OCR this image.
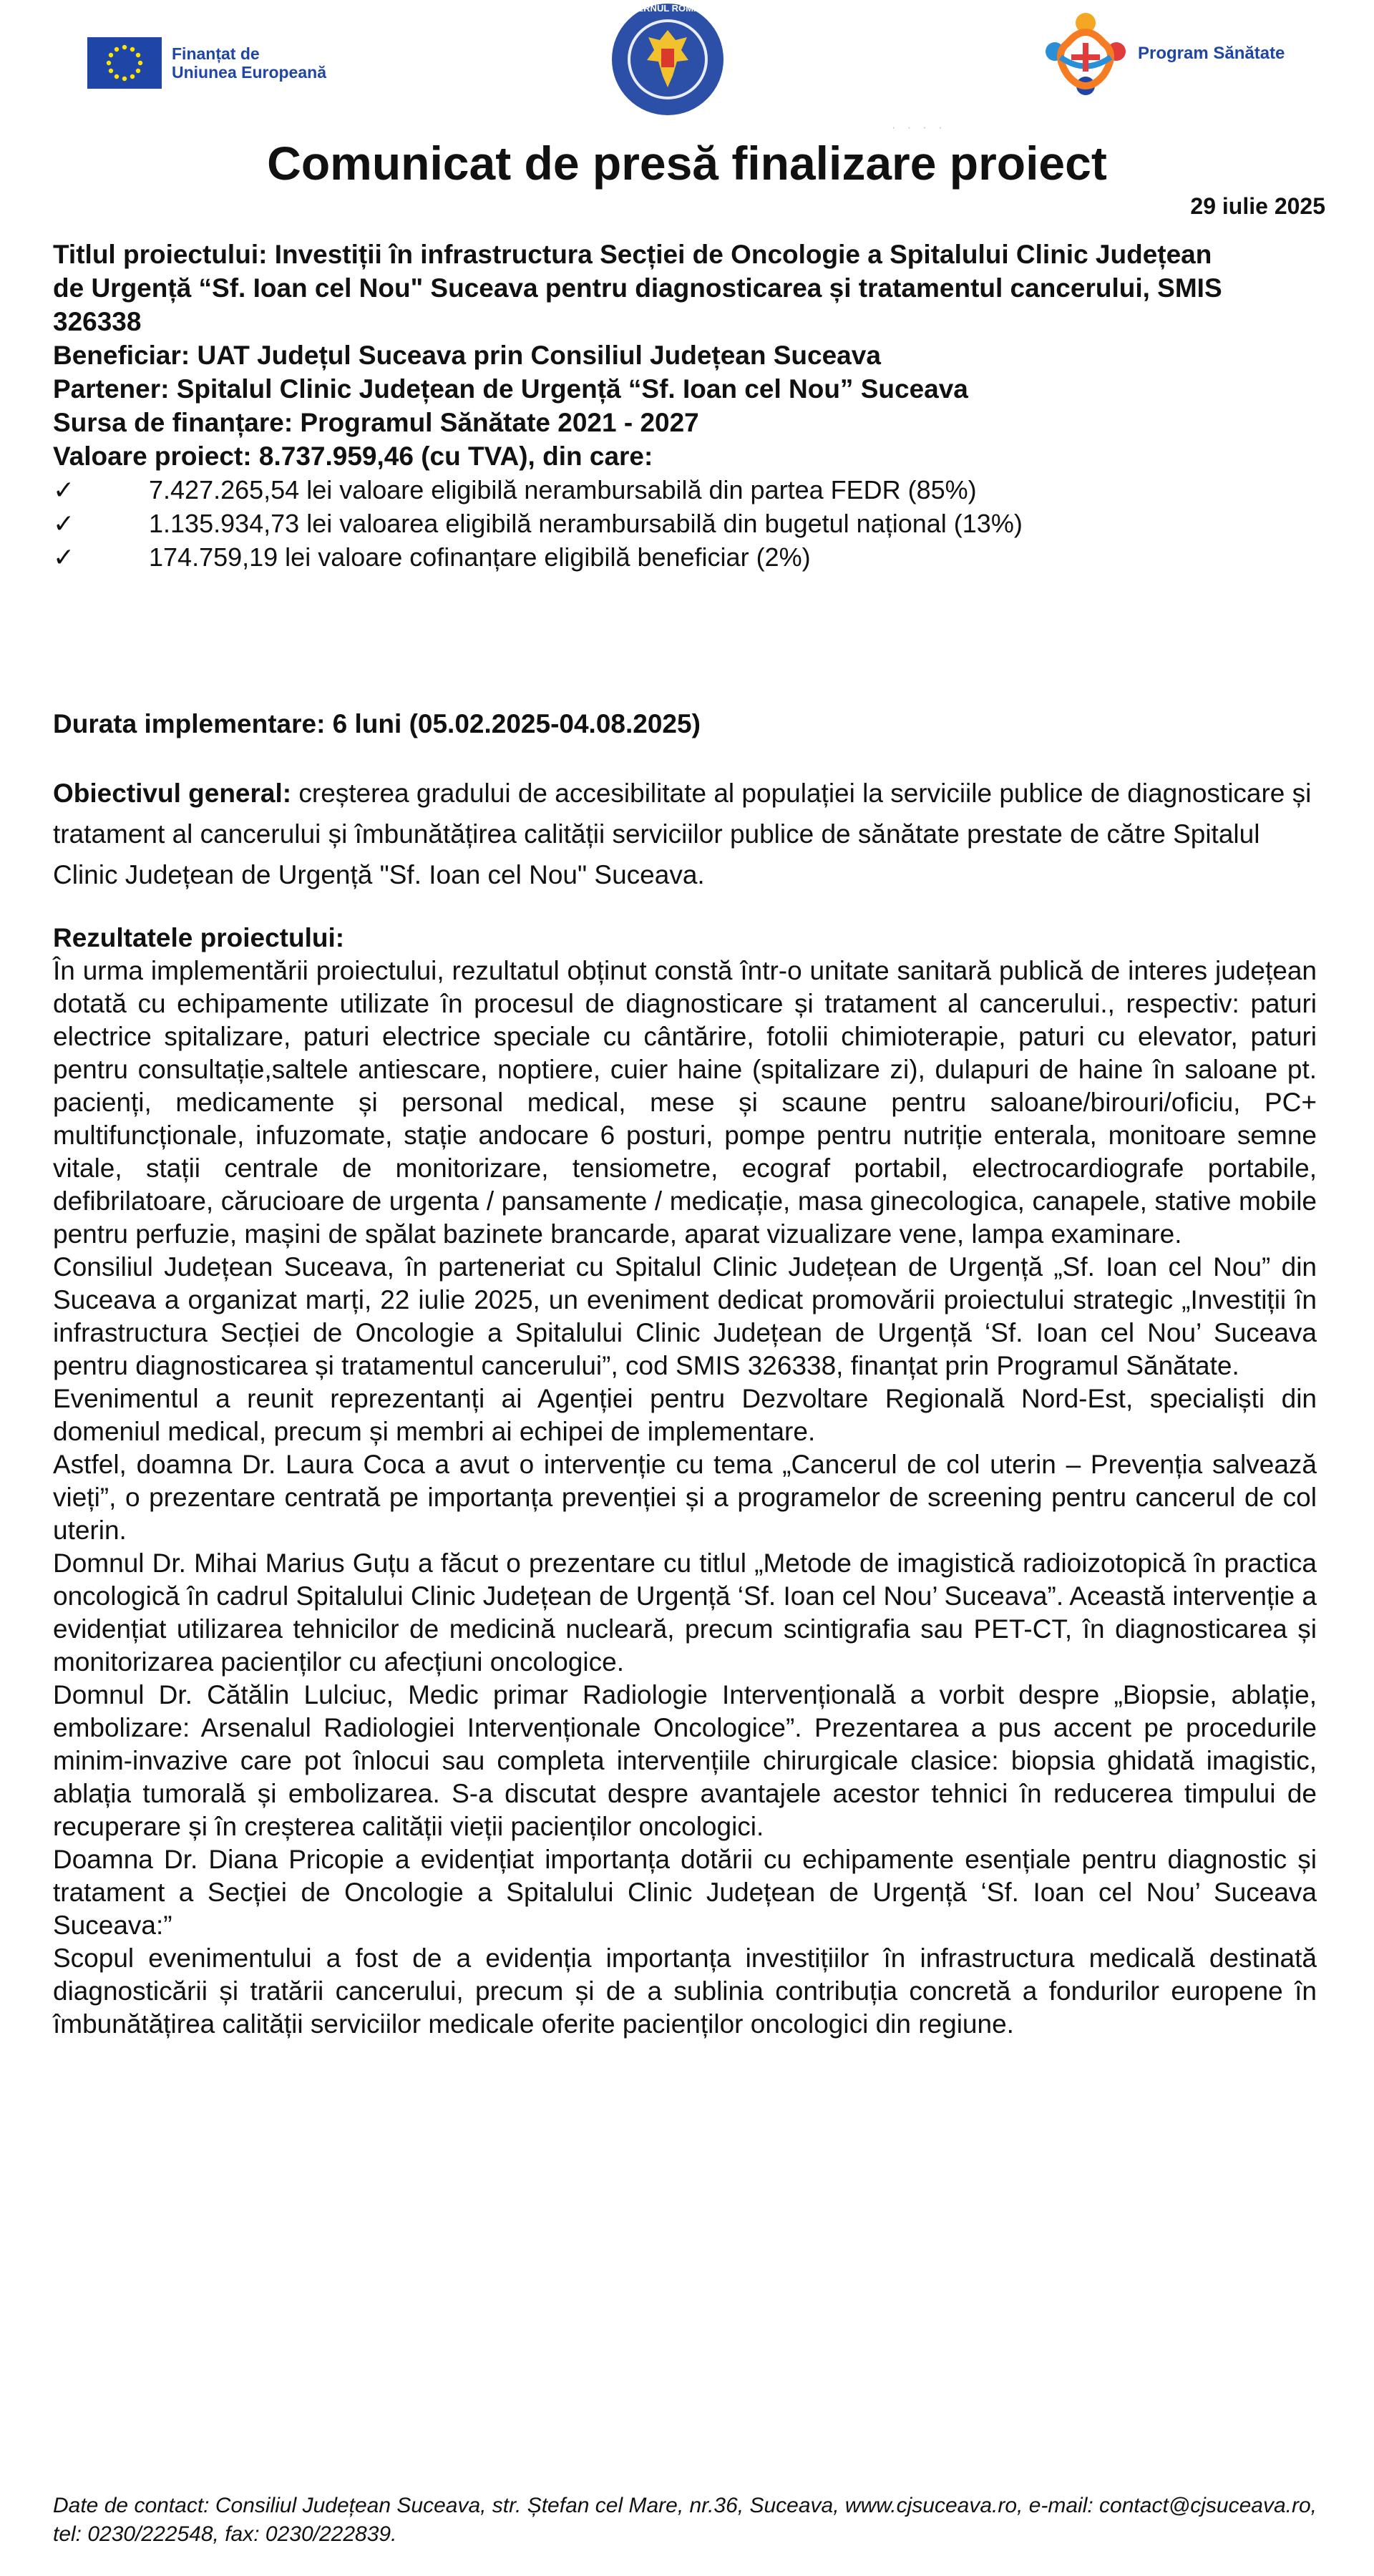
Finanțat de
Uniunea Europeană
GUVERNUL ROMÂNIEI
Program Sănătate
· · · ·
Comunicat de presă finalizare proiect
29 iulie 2025
Titlul proiectului: Investiții în infrastructura Secției de Oncologie a Spitalului Clinic Județean
de Urgență “Sf. Ioan cel Nou" Suceava pentru diagnosticarea și tratamentul cancerului, SMIS
326338
Beneficiar: UAT Județul Suceava prin Consiliul Județean Suceava
Partener: Spitalul Clinic Județean de Urgență “Sf. Ioan cel Nou” Suceava
Sursa de finanțare: Programul Sănătate 2021 - 2027
Valoare proiect: 8.737.959,46 (cu TVA), din care:
✓	7.427.265,54 lei valoare eligibilă nerambursabilă din partea FEDR (85%)
✓	1.135.934,73 lei valoarea eligibilă nerambursabilă din bugetul național (13%)
✓	174.759,19 lei valoare cofinanțare eligibilă beneficiar (2%)
Durata implementare: 6 luni (05.02.2025-04.08.2025)

Obiectivul general: creșterea gradului de accesibilitate al populației la serviciile publice de diagnosticare și tratament al cancerului și îmbunătățirea calității serviciilor publice de sănătate prestate de către Spitalul Clinic Județean de Urgență "Sf. Ioan cel Nou" Suceava.

Rezultatele proiectului:

În urma implementării proiectului, rezultatul obținut constă într-o unitate sanitară publică de interes județean dotată cu echipamente utilizate în procesul de diagnosticare și tratament al cancerului., respectiv: paturi electrice spitalizare, paturi electrice speciale cu cântărire, fotolii chimioterapie, paturi cu elevator, paturi pentru consultație,saltele antiescare, noptiere, cuier haine (spitalizare zi), dulapuri de haine în saloane pt. pacienți, medicamente și personal medical, mese și scaune pentru saloane/birouri/oficiu, PC+ multifuncționale, infuzomate, stație andocare 6 posturi, pompe pentru nutriție enterala, monitoare semne vitale, stații centrale de monitorizare, tensiometre, ecograf portabil, electrocardiografe portabile, defibrilatoare, cărucioare de urgenta / pansamente / medicație, masa ginecologica, canapele, stative mobile pentru perfuzie, mașini de spălat bazinete brancarde, aparat vizualizare vene, lampa examinare.

Consiliul Județean Suceava, în parteneriat cu Spitalul Clinic Județean de Urgență „Sf. Ioan cel Nou” din Suceava a organizat marți, 22 iulie 2025, un eveniment dedicat promovării proiectului strategic „Investiții în infrastructura Secției de Oncologie a Spitalului Clinic Județean de Urgență ‘Sf. Ioan cel Nou’ Suceava pentru diagnosticarea și tratamentul cancerului”, cod SMIS 326338, finanțat prin Programul Sănătate.

Evenimentul a reunit reprezentanți ai Agenției pentru Dezvoltare Regională Nord-Est, specialiști din domeniul medical, precum și membri ai echipei de implementare.

Astfel, doamna Dr. Laura Coca a avut o intervenție cu tema „Cancerul de col uterin – Prevenția salvează vieți”, o prezentare centrată pe importanța prevenției și a programelor de screening pentru cancerul de col uterin.

Domnul Dr. Mihai Marius Guțu a făcut o prezentare cu titlul „Metode de imagistică radioizotopică în practica oncologică în cadrul Spitalului Clinic Județean de Urgență ‘Sf. Ioan cel Nou’ Suceava”. Această intervenție a evidențiat utilizarea tehnicilor de medicină nucleară, precum scintigrafia sau PET-CT, în diagnosticarea și monitorizarea pacienților cu afecțiuni oncologice.

Domnul Dr. Cătălin Lulciuc, Medic primar Radiologie Intervențională a vorbit despre „Biopsie, ablație, embolizare: Arsenalul Radiologiei Intervenționale Oncologice”. Prezentarea a pus accent pe procedurile minim-invazive care pot înlocui sau completa intervențiile chirurgicale clasice: biopsia ghidată imagistic, ablația tumorală și embolizarea. S-a discutat despre avantajele acestor tehnici în reducerea timpului de recuperare și în creșterea calității vieții pacienților oncologici.

Doamna Dr. Diana Pricopie a evidențiat importanța dotării cu echipamente esențiale pentru diagnostic și tratament a Secției de Oncologie a Spitalului Clinic Județean de Urgență ‘Sf. Ioan cel Nou’ Suceava Suceava:”

Scopul evenimentului a fost de a evidenția importanța investițiilor în infrastructura medicală destinată diagnosticării și tratării cancerului, precum și de a sublinia contribuția concretă a fondurilor europene în îmbunătățirea calității serviciilor medicale oferite pacienților oncologici din regiune.

Date de contact: Consiliul Județean Suceava, str. Ștefan cel Mare, nr.36, Suceava, www.cjsuceava.ro, e-mail: contact@cjsuceava.ro, tel: 0230/222548, fax: 0230/222839.
